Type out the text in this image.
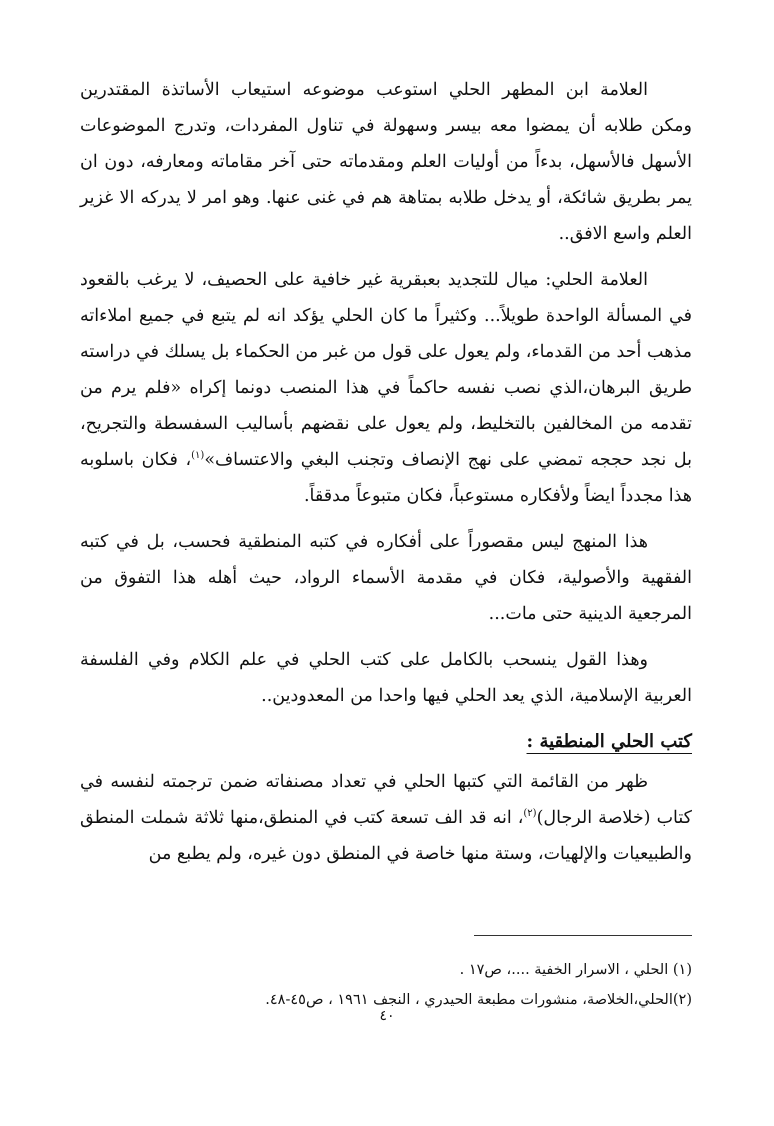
العلامة ابن المطهر الحلي استوعب موضوعه استيعاب الأساتذة المقتدرين ومكن طلابه أن يمضوا معه بيسر وسهولة في تناول المفردات، وتدرج الموضوعات الأسهل فالأسهل، بدءاً من أوليات العلم ومقدماته حتى آخر مقاماته ومعارفه، دون ان يمر بطريق شائكة، أو يدخل طلابه بمتاهة هم في غنى عنها. وهو امر لا يدركه الا غزير العلم واسع الافق..

العلامة الحلي: ميال للتجديد بعبقرية غير خافية على الحصيف، لا يرغب بالقعود في المسألة الواحدة طويلاً... وكثيراً ما كان الحلي يؤكد انه لم يتبع في جميع املاءاته مذهب أحد من القدماء، ولم يعول على قول من غبر من الحكماء بل يسلك في دراسته طريق البرهان،الذي نصب نفسه حاكماً في هذا المنصب دونما إكراه «فلم يرم من تقدمه من المخالفين بالتخليط، ولم يعول على نقضهم بأساليب السفسطة والتجريح، بل نجد حججه تمضي على نهج الإنصاف وتجنب البغي والاعتساف»$^{(١)}$، فكان باسلوبه هذا مجدداً ايضاً ولأفكاره مستوعباً، فكان متبوعاً مدققاً.

هذا المنهج ليس مقصوراً على أفكاره في كتبه المنطقية فحسب، بل في كتبه الفقهية والأصولية، فكان في مقدمة الأسماء الرواد، حيث أهله هذا التفوق من المرجعية الدينية حتى مات...

وهذا القول ينسحب بالكامل على كتب الحلي في علم الكلام وفي الفلسفة العربية الإسلامية، الذي يعد الحلي فيها واحدا من المعدودين..

كتب الحلي المنطقية :

ظهر من القائمة التي كتبها الحلي في تعداد مصنفاته ضمن ترجمته لنفسه في كتاب (خلاصة الرجال)$^{(٢)}$، انه قد الف تسعة كتب في المنطق،منها ثلاثة شملت المنطق والطبيعيات والإلهيات، وستة منها خاصة في المنطق دون غيره، ولم يطبع من

(١) الحلي ، الاسرار الخفية ....، ص١٧ .

(٢)الحلي،الخلاصة، منشورات مطبعة الحيدري ، النجف ١٩٦١ ، ص٤٥-٤٨.

٤٠
